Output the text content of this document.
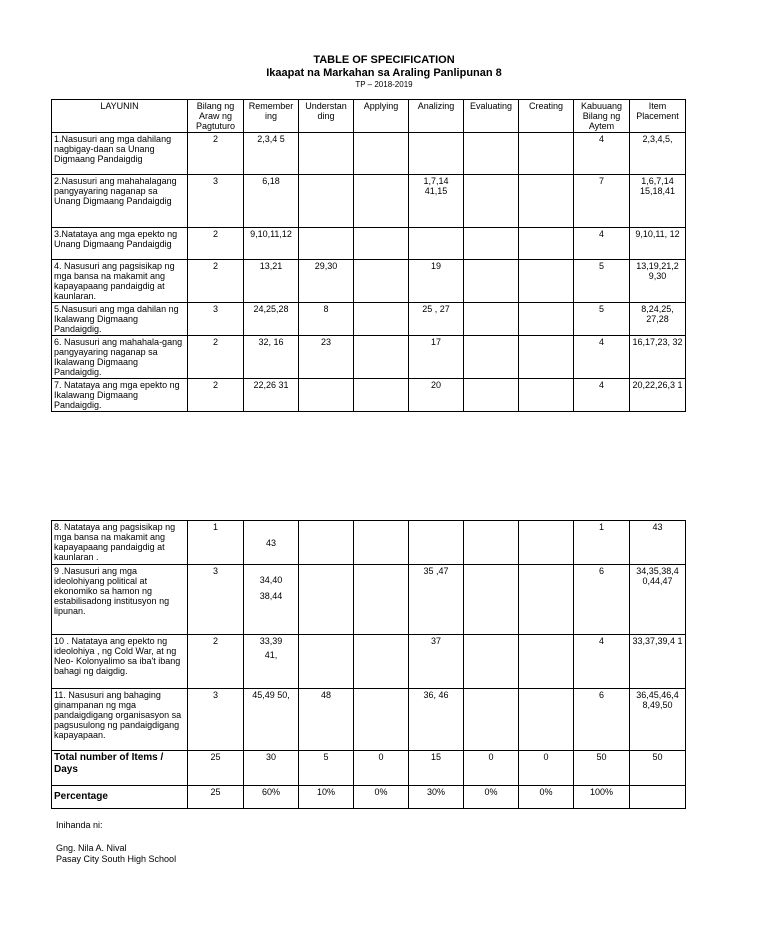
TABLE OF SPECIFICATION
Ikaapat na Markahan sa Araling Panlipunan 8
TP – 2018-2019
LAYUNIN	Bilang ng Araw ng Pagtuturo	Remember ing	Understan ding	Applying	Analizing	Evaluating	Creating	Kabuuang Bilang ng Aytem	Item Placement
1.Nasusuri ang mga dahilang nagbigay-daan sa Unang Digmaang Pandaigdig	2	2,3,4 5						4	2,3,4,5,
2.Nasusuri ang mahahalagang pangyayaring naganap sa Unang Digmaang Pandaigdig	3	6,18			1,7,14 41,15			7	1,6,7,14 15,18,41
3.Natataya ang mga epekto ng Unang Digmaang Pandaigdig	2	9,10,11,12						4	9,10,11, 12
4. Nasusuri ang pagsisikap ng mga bansa na makamit ang kapayapaang pandaigdig at kaunlaran.	2	13,21	29,30		19			5	13,19,21,2 9,30
5.Nasusuri ang mga dahilan ng Ikalawang Digmaang Pandaigdig.	3	24,25,28	8		25 , 27			5	8,24,25, 27,28
6. Nasusuri ang mahahala-gang pangyayaring naganap sa Ikalawang Digmaang Pandaigdig.	2	32, 16	23		17			4	16,17,23, 32
7. Natataya ang mga epekto ng Ikalawang Digmaang Pandaigdig.	2	22,26 31			20			4	20,22,26,3 1
8. Natataya ang pagsisikap ng mga bansa na makamit ang kapayapaang pandaigdig at kaunlaran .	1	43						1	43
9 .Nasusuri ang mga ideolohiyang political at ekonomiko sa hamon ng estabilisadong institusyon ng lipunan.	3	34,40
38,44			35 ,47			6	34,35,38,4 0,44,47
10 . Natataya ang epekto ng ideolohiya , ng Cold War, at ng Neo- Kolonyalimo sa iba't ibang bahagi ng daigdig.	2	33,39
41,			37			4	33,37,39,4 1
11. Nasusuri ang bahaging ginampanan ng mga pandaigdigang organisasyon sa pagsusulong ng pandaigdigang kapayapaan.	3	45,49 50,	48		36, 46			6	36,45,46,4 8,49,50
Total number of Items / Days	25	30	5	0	15	0	0	50	50
Percentage	25	60%	10%	0%	30%	0%	0%	100%	
Inihanda ni:
Gng. Nila A. Nival
Pasay City South High School
